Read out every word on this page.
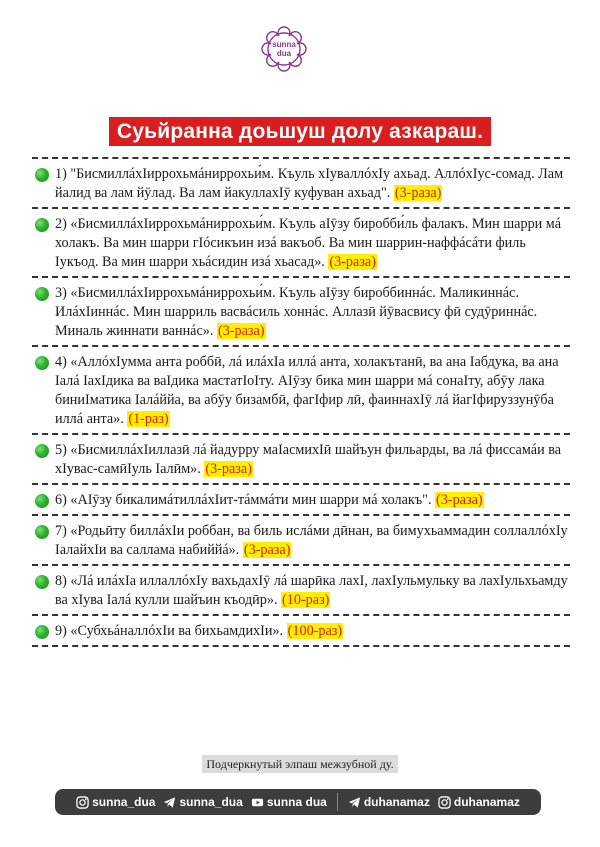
sunna
dua
Суьйранна доьшуш долу азкараш.
1) "БисмиллáхIиррохьмáниррохьи́м. Къуль хIуваллóхIу ахьад. АллóхIус-сомад. Лам йалид ва лам йӯлад. Ва лам йакуллахIӯ куфуван ахьад". (3-раза)
2) «БисмиллáхIиррохьмáниррохьи́м. Къуль аIӯзу биробби́ль фалакъ. Мин шарри мá холакъ. Ва мин шарри гIóсикъин изá вакъоб. Ва мин шаррин-наффáсáти филь Iукъод. Ва мин шарри хьáсидин изá хьасад». (3-раза)
3) «БисмиллáхIиррохьмáниррохьи́м. Къуль аIӯзу бироббиннáс. Маликиннáс. ИлáхIиннáс. Мин шарриль васвáсиль хоннáс. Аллазӣ йӯвасвису фӣ судӯриннáс. Миналь жиннати ваннáс». (3-раза)
4) «АллóхIумма анта роббӣ, лá илáхIа иллá анта, холакътанӣ, ва ана Iабдука, ва ана Iалá IахIдика ва ваIдика мастатIоIту. АIӯзу бика мин шарри мá сонаIту, абӯу лака биниIматика Iалáййа, ва абӯу бизамбӣ, фагIфир лӣ, фаиннахIӯ лá йагIфируззунӯба иллá анта». (1-раз)
5) «БисмиллáхIиллазӣ лá йадурру маIасмихIӣ шайъун фильарды, ва лá фиссамáи ва хIувас-самӣIуль Iалӣм». (3-раза)
6) «АIӯзу бикалимáтиллáхIит-тáммáти мин шарри мá холакъ". (3-раза)
7) «Родьӣту биллáхIи роббан, ва биль ислáми дӣнан, ва бимухьаммадин соллаллóхIу IалайхIи ва саллама набиййá». (3-раза)
8) «Лá илáхIа иллаллóхIу вахьдахIӯ лá шарӣка лахI, лахIульмульку ва лахIульхьамду ва хIува Iалá кулли шайъин къодӣр». (10-раз)
9) «СубхьáналлóхIи ва бихьамдихIи». (100-раз)
Подчеркнутый элпаш межзубной ду.
sunna_dua sunna_dua sunna dua	duhanamaz duhanamaz
